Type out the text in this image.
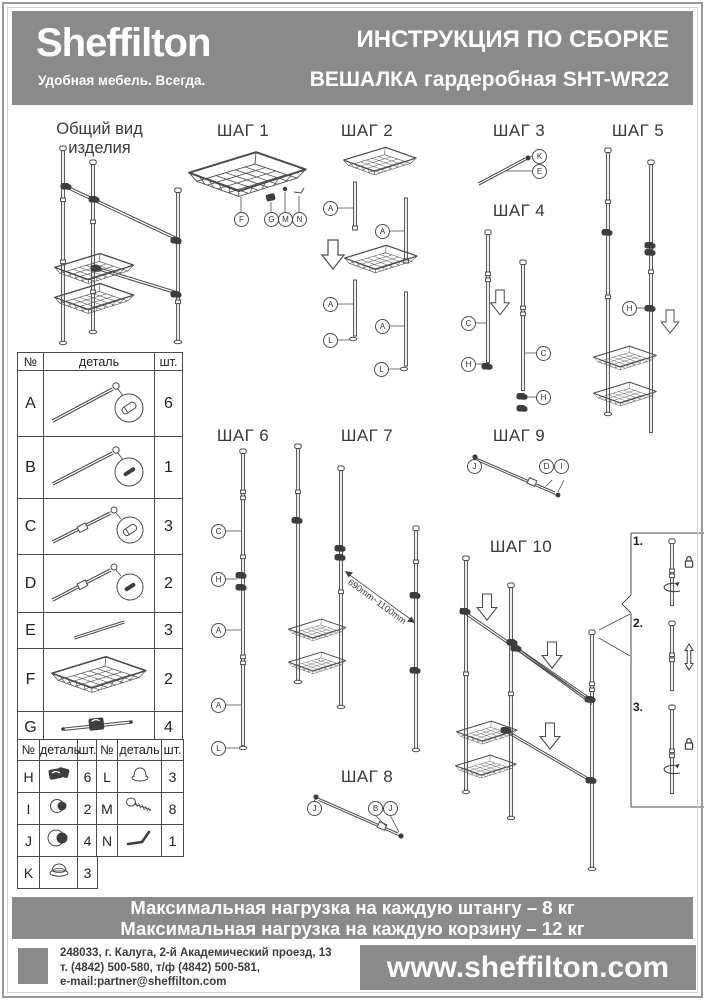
Sheffilton
Удобная мебель. Всегда.
ИНСТРУКЦИЯ ПО СБОРКЕ
ВЕШАЛКА гардеробная SHT-WR22
Общий вид изделия
ШАГ 1	ШАГ 2	ШАГ 3
ШАГ 4
ШАГ 5
ШАГ 6	ШАГ 7	ШАГ 9
ШАГ 10
ШАГ 8
690mm~1100mm
1.
2.
3.
F	G M N
A
A
A
A
L
L
K
E
C
H
C
H
H
C
H
A
A
L
J	D	I
J	B	J
№	деталь	шт.
A		6
B		1
C		3
D		2
E		3
F		2
G		4
№	деталь	шт.
H		6
I		2
J		4
K		3
№	деталь	шт.
L		3
M		8
N		1
Максимальная нагрузка на каждую штангу – 8 кг
Максимальная нагрузка на каждую корзину – 12 кг
248033, г. Калуга, 2-й Академический проезд, 13
т. (4842) 500-580, т/ф (4842) 500-581,
e-mail:partner@sheffilton.com	www.sheffilton.com
